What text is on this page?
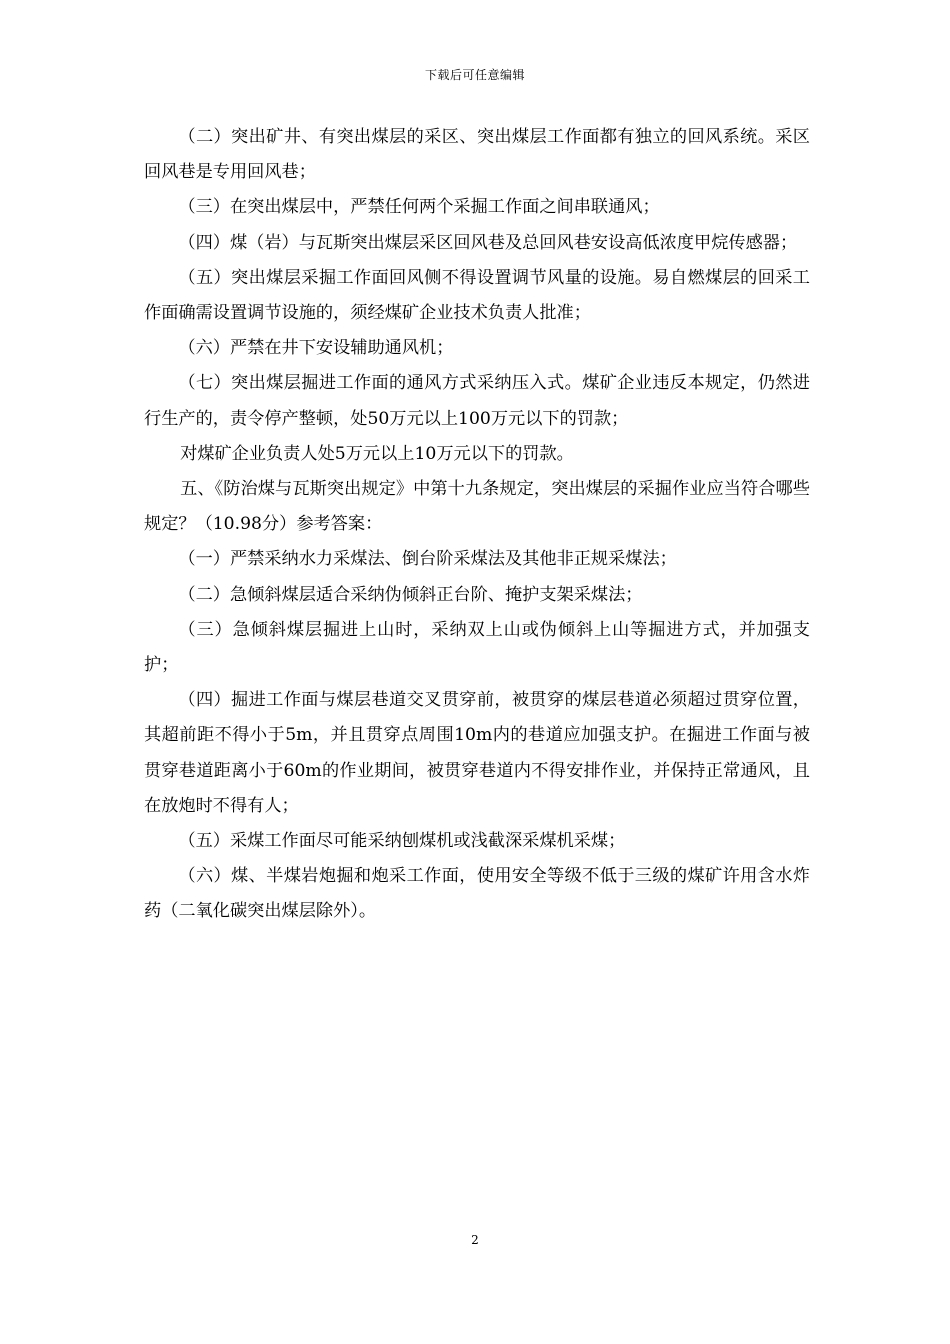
下载后可任意编辑

（二）突出矿井、有突出煤层的采区、突出煤层工作面都有独立的回风系统。采区回风巷是专用回风巷；

（三）在突出煤层中，严禁任何两个采掘工作面之间串联通风；

（四）煤（岩）与瓦斯突出煤层采区回风巷及总回风巷安设高低浓度甲烷传感器；

（五）突出煤层采掘工作面回风侧不得设置调节风量的设施。易自燃煤层的回采工作面确需设置调节设施的，须经煤矿企业技术负责人批准；

（六）严禁在井下安设辅助通风机；

（七）突出煤层掘进工作面的通风方式采纳压入式。煤矿企业违反本规定，仍然进行生产的，责令停产整顿，处50万元以上100万元以下的罚款；

对煤矿企业负责人处5万元以上10万元以下的罚款。

五、《防治煤与瓦斯突出规定》中第十九条规定，突出煤层的采掘作业应当符合哪些规定？（10.98分）参考答案：

（一）严禁采纳水力采煤法、倒台阶采煤法及其他非正规采煤法；

（二）急倾斜煤层适合采纳伪倾斜正台阶、掩护支架采煤法；

（三）急倾斜煤层掘进上山时，采纳双上山或伪倾斜上山等掘进方式，并加强支护；

（四）掘进工作面与煤层巷道交叉贯穿前，被贯穿的煤层巷道必须超过贯穿位置，其超前距不得小于5m，并且贯穿点周围10m内的巷道应加强支护。在掘进工作面与被贯穿巷道距离小于60m的作业期间，被贯穿巷道内不得安排作业，并保持正常通风，且在放炮时不得有人；

（五）采煤工作面尽可能采纳刨煤机或浅截深采煤机采煤；

（六）煤、半煤岩炮掘和炮采工作面，使用安全等级不低于三级的煤矿许用含水炸药（二氧化碳突出煤层除外）。

2
